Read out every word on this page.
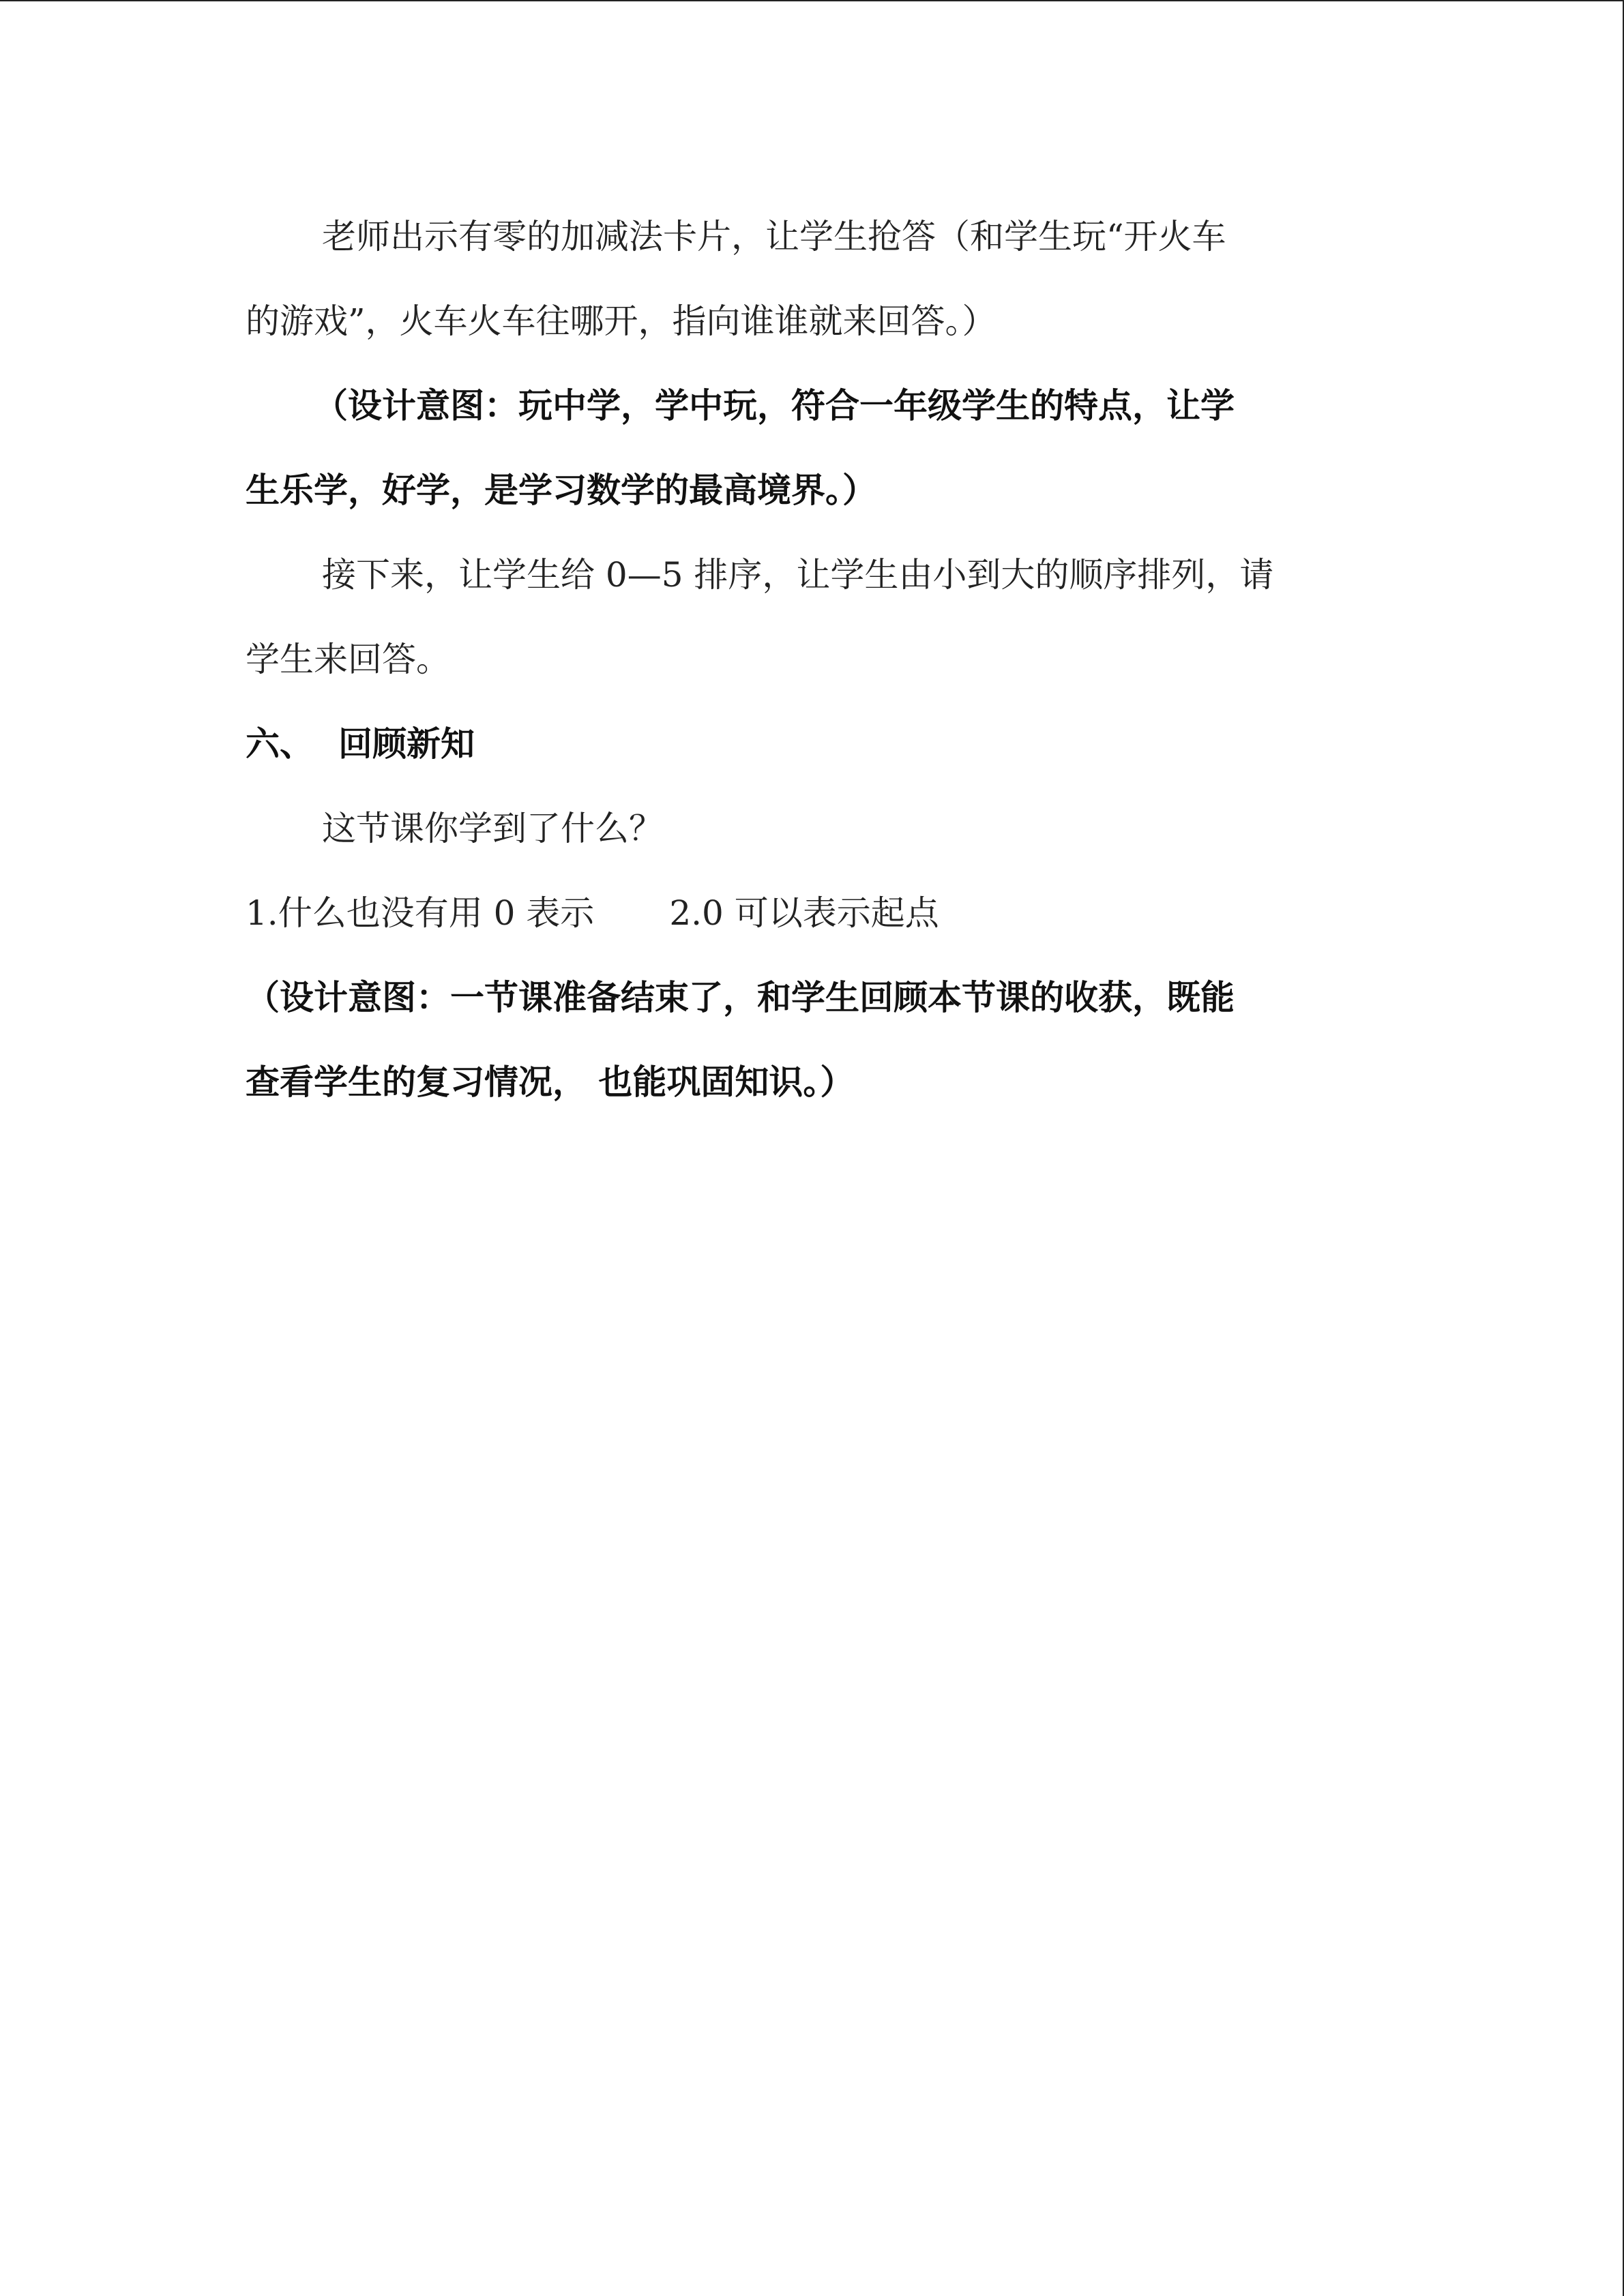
老师出示有零的加减法卡片，让学生抢答（和学生玩“开火车
的游戏”，火车火车往哪开，指向谁谁就来回答。）
（设计意图：玩中学，学中玩，符合一年级学生的特点，让学
生乐学，好学，是学习数学的最高境界。）
接下来，让学生给 0—5 排序，让学生由小到大的顺序排列，请
学生来回答。
六、 回顾新知
这节课你学到了什么？
1.什么也没有用 0 表示 2.0 可以表示起点
（设计意图：一节课准备结束了，和学生回顾本节课的收获，既能
查看学生的复习情况， 也能巩固知识。）
